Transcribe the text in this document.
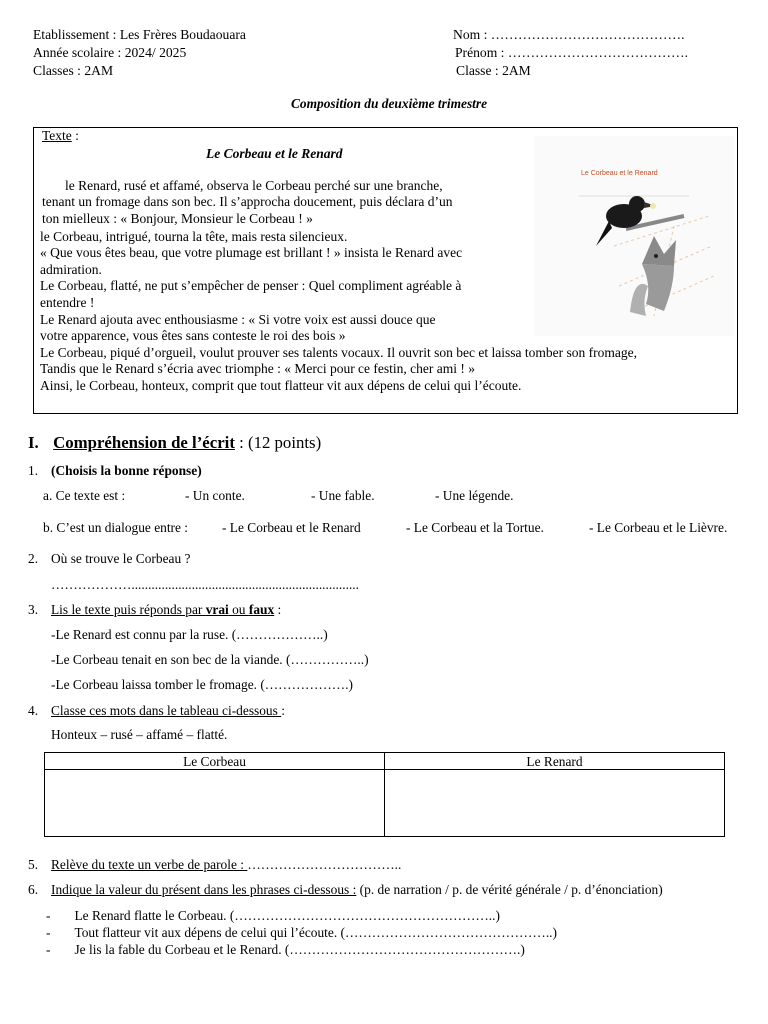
Etablissement : Les Frères Boudaouara
Année scolaire : 2024/ 2025
Classes : 2AM
Nom : …………………………………….
Prénom : ………………………………….
Classe : 2AM
Composition du deuxième trimestre
Texte :
Le Corbeau et le Renard
Le Corbeau et le Renard
le Renard, rusé et affamé, observa le Corbeau perché sur une branche,
tenant un fromage dans son bec. Il s’approcha doucement, puis déclara d’un
ton mielleux : « Bonjour, Monsieur le Corbeau ! »
le Corbeau, intrigué, tourna la tête, mais resta silencieux.
« Que vous êtes beau, que votre plumage est brillant ! » insista le Renard avec
admiration.
Le Corbeau, flatté, ne put s’empêcher de penser : Quel compliment agréable à
entendre !
Le Renard ajouta avec enthousiasme : « Si votre voix est aussi douce que
votre apparence, vous êtes sans conteste le roi des bois »
Le Corbeau, piqué d’orgueil, voulut prouver ses talents vocaux. Il ouvrit son bec et laissa tomber son fromage,
Tandis que le Renard s’écria avec triomphe : « Merci pour ce festin, cher ami ! »
Ainsi, le Corbeau, honteux, comprit que tout flatteur vit aux dépens de celui qui l’écoute.
I. Compréhension de l’écrit : (12 points)
1. (Choisis la bonne réponse)
a. Ce texte est :	- Un conte.	- Une fable.	- Une légende.
b. C’est un dialogue entre :	- Le Corbeau et le Renard	- Le Corbeau et la Tortue.	- Le Corbeau et le Lièvre.
2. Où se trouve le Corbeau ?
………………....................................................................
3. Lis le texte puis réponds par vrai ou faux :
-Le Renard est connu par la ruse. (………………..)
-Le Corbeau tenait en son bec de la viande. (……………..)
-Le Corbeau laissa tomber le fromage. (……………….)
4. Classe ces mots dans le tableau ci-dessous :
Honteux – rusé – affamé – flatté.
Le Corbeau	Le Renard

5. Relève du texte un verbe de parole : ……………………………..
6. Indique la valeur du présent dans les phrases ci-dessous : (p. de narration / p. de vérité générale / p. d’énonciation)
- Le Renard flatte le Corbeau. (…………………………………………………..)
- Tout flatteur vit aux dépens de celui qui l’écoute. (………………………………………..)
- Je lis la fable du Corbeau et le Renard. (…………………………………………….)
